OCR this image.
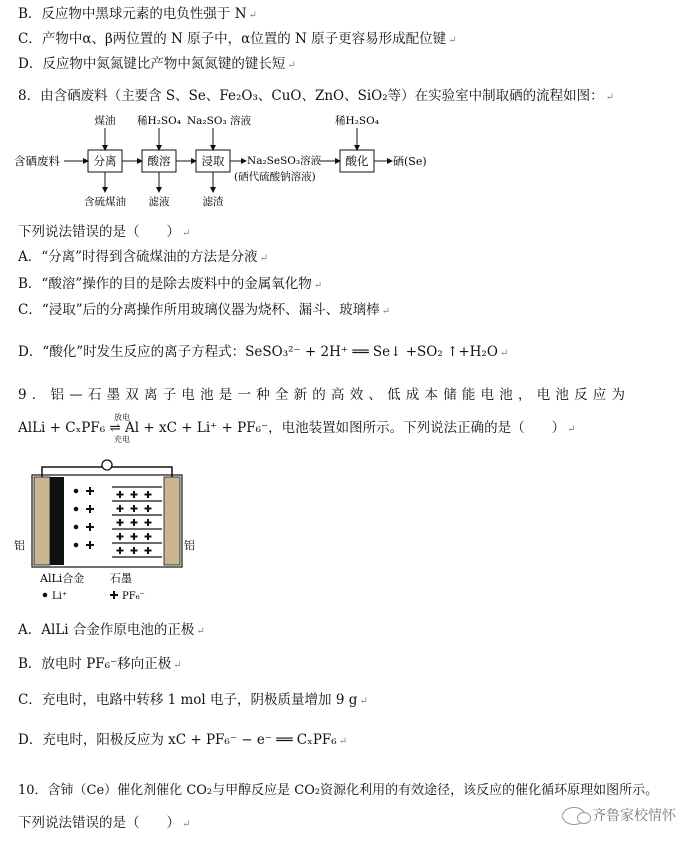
B．反应物中黑球元素的电负性强于 N ↵
C．产物中α、β两位置的 N 原子中，α位置的 N 原子更容易形成配位键 ↵
D．反应物中氮氮键比产物中氮氮键的键长短 ↵
8．由含硒废料（主要含 S、Se、Fe₂O₃、CuO、ZnO、SiO₂等）在实验室中制取硒的流程如图： ↵
含硒废料	分离	酸溶	浸取 Na₂SeSO₃溶液
(硒代硫酸钠溶液)
酸化 硒(Se)
煤油 稀H₂SO₄ Na₂SO₃ 溶液	稀H₂SO₄
含硫煤油 滤液	滤渣
下列说法错误的是（　　） ↵
A．“分离”时得到含硫煤油的方法是分液 ↵
B．“酸溶”操作的目的是除去废料中的金属氧化物 ↵
C．“浸取”后的分离操作所用玻璃仪器为烧杯、漏斗、玻璃棒 ↵
D．“酸化”时发生反应的离子方程式：SeSO₃²⁻ + 2H⁺ ══ Se↓ +SO₂ ↑+H₂O ↵
9．铝—石墨双离子电池是一种全新的高效、低成本储能电池，电池反应为
放电
充电
AlLi + CₓPF₆ ⇌ Al + xC + Li⁺ + PF₆⁻，电池装置如图所示。下列说法正确的是（　　） ↵
铝	铝
AlLi合金 石墨
Li⁺	PF₆⁻
A．AlLi 合金作原电池的正极 ↵
B．放电时 PF₆⁻移向正极 ↵
C．充电时，电路中转移 1 mol 电子，阴极质量增加 9 g ↵
D．充电时，阳极反应为 xC + PF₆⁻ − e⁻ ══ CₓPF₆ ↵
10．含铈（Ce）催化剂催化 CO₂与甲醇反应是 CO₂资源化利用的有效途径，该反应的催化循环原理如图所示。
下列说法错误的是（　　） ↵
齐鲁家校情怀
